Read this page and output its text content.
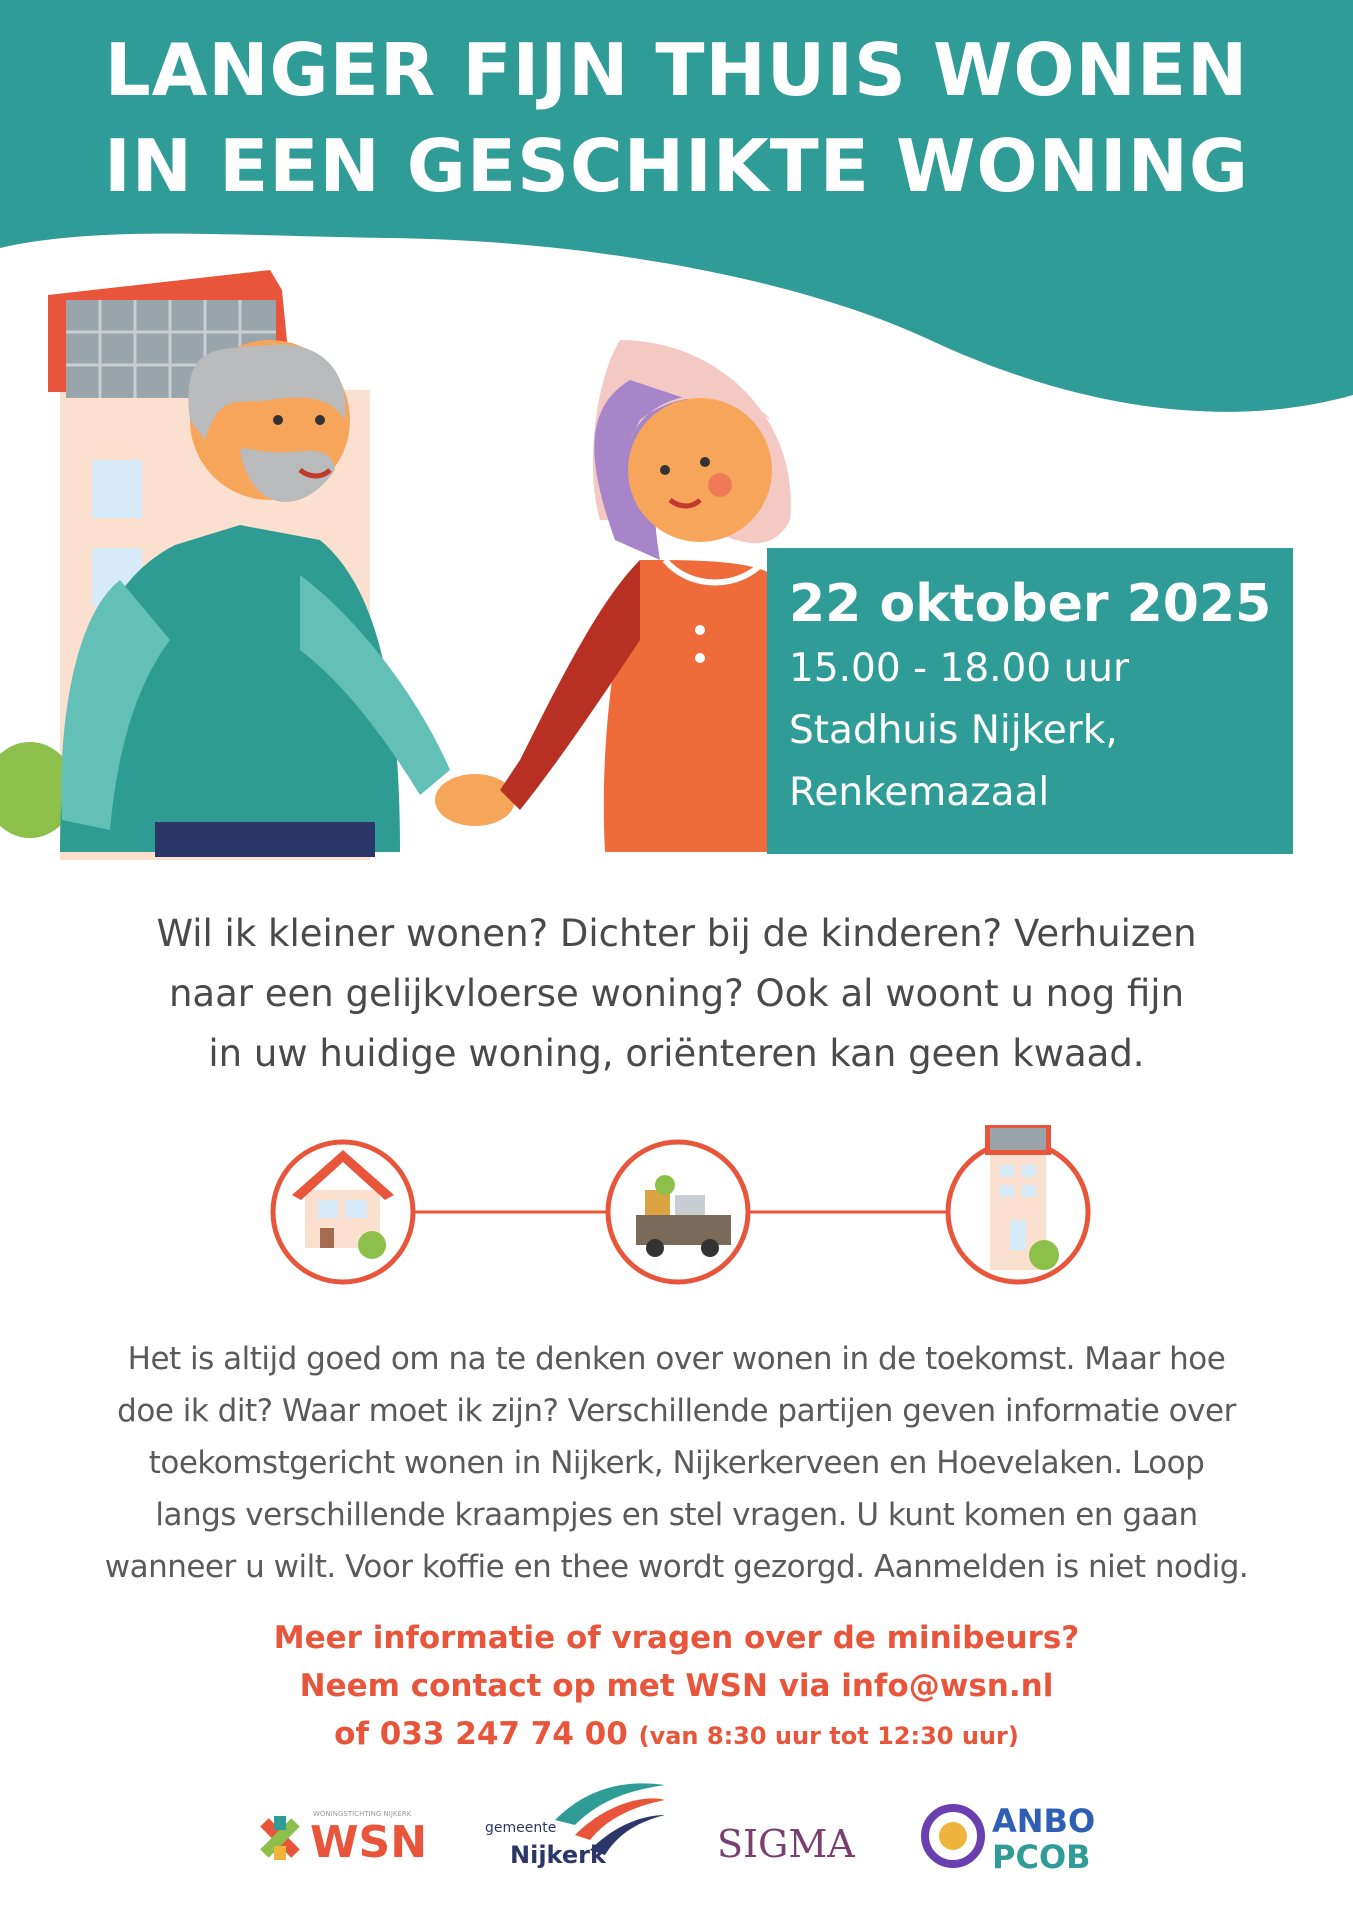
LANGER FIJN THUIS WONEN
IN EEN GESCHIKTE WONING
22 oktober 2025
15.00 - 18.00 uur
Stadhuis Nijkerk,
Renkemazaal
Wil ik kleiner wonen? Dichter bij de kinderen? Verhuizen
naar een gelijkvloerse woning? Ook al woont u nog fijn
in uw huidige woning, oriënteren kan geen kwaad.
Het is altijd goed om na te denken over wonen in de toekomst. Maar hoe
doe ik dit? Waar moet ik zijn? Verschillende partijen geven informatie over
toekomstgericht wonen in Nijkerk, Nijkerkerveen en Hoevelaken. Loop
langs verschillende kraampjes en stel vragen. U kunt komen en gaan
wanneer u wilt. Voor koffie en thee wordt gezorgd. Aanmelden is niet nodig.
Meer informatie of vragen over de minibeurs?
Neem contact op met WSN via info@wsn.nl
of 033 247 74 00 (van 8:30 uur tot 12:30 uur)
WONINGSTICHTING NIJKERK
WSN	gemeente
Nijkerk	SIGMA
ANBO
PCOB
